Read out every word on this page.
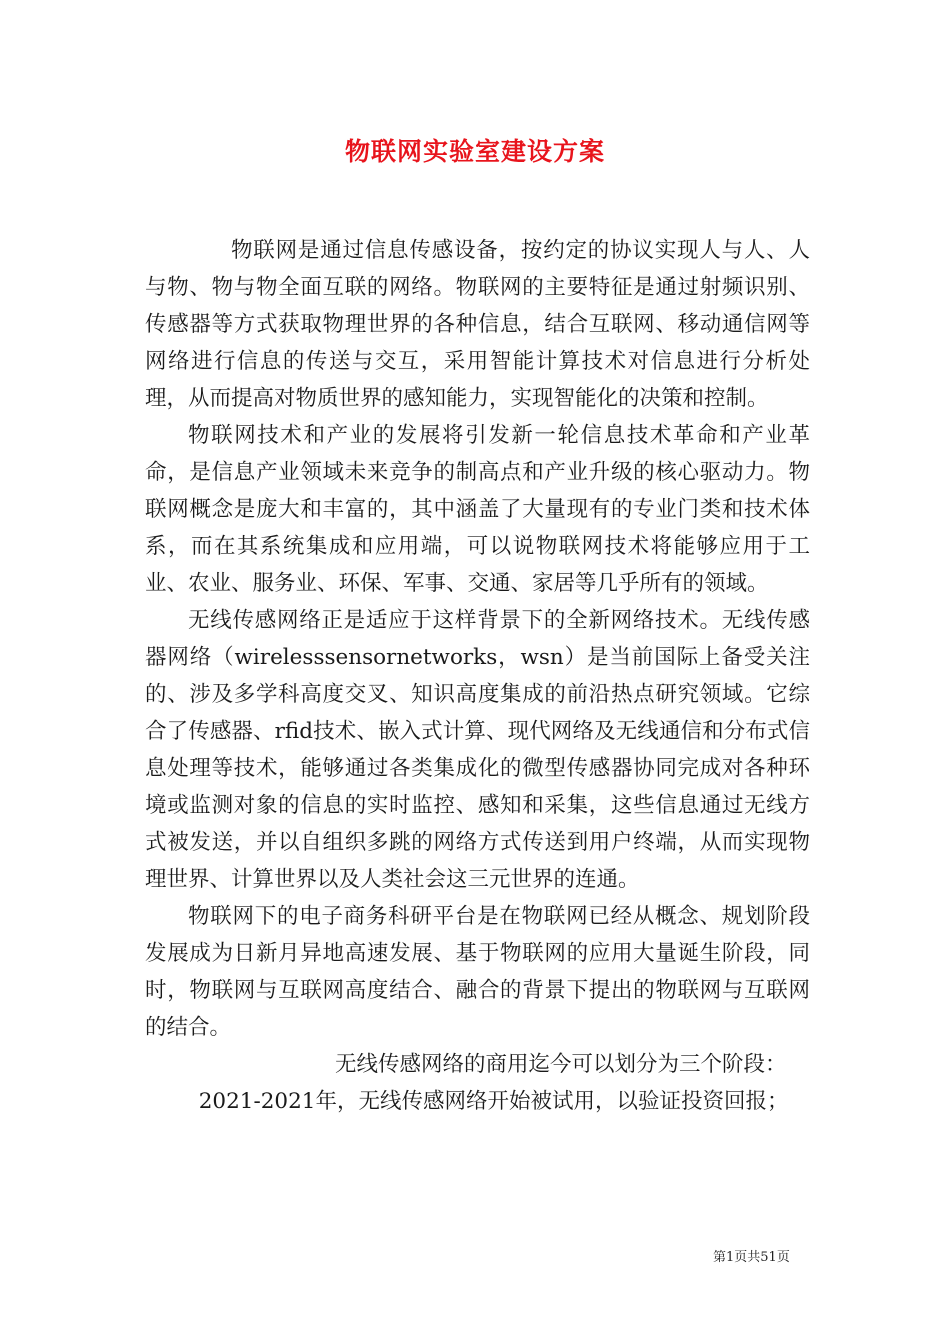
物联网实验室建设方案

物联网是通过信息传感设备，按约定的协议实现人与人、人与物、物与物全面互联的网络。物联网的主要特征是通过射频识别、传感器等方式获取物理世界的各种信息，结合互联网、移动通信网等网络进行信息的传送与交互，采用智能计算技术对信息进行分析处理，从而提高对物质世界的感知能力，实现智能化的决策和控制。

物联网技术和产业的发展将引发新一轮信息技术革命和产业革命，是信息产业领域未来竞争的制高点和产业升级的核心驱动力。物联网概念是庞大和丰富的，其中涵盖了大量现有的专业门类和技术体系，而在其系统集成和应用端，可以说物联网技术将能够应用于工业、农业、服务业、环保、军事、交通、家居等几乎所有的领域。

无线传感网络正是适应于这样背景下的全新网络技术。无线传感器网络（wirelesssensornetworks，wsn）是当前国际上备受关注的、涉及多学科高度交叉、知识高度集成的前沿热点研究领域。它综合了传感器、rfid技术、嵌入式计算、现代网络及无线通信和分布式信息处理等技术，能够通过各类集成化的微型传感器协同完成对各种环境或监测对象的信息的实时监控、感知和采集，这些信息通过无线方式被发送，并以自组织多跳的网络方式传送到用户终端，从而实现物理世界、计算世界以及人类社会这三元世界的连通。

物联网下的电子商务科研平台是在物联网已经从概念、规划阶段发展成为日新月异地高速发展、基于物联网的应用大量诞生阶段，同时，物联网与互联网高度结合、融合的背景下提出的物联网与互联网的结合。

无线传感网络的商用迄今可以划分为三个阶段：

2021-2021年，无线传感网络开始被试用，以验证投资回报；

第1页共51页
